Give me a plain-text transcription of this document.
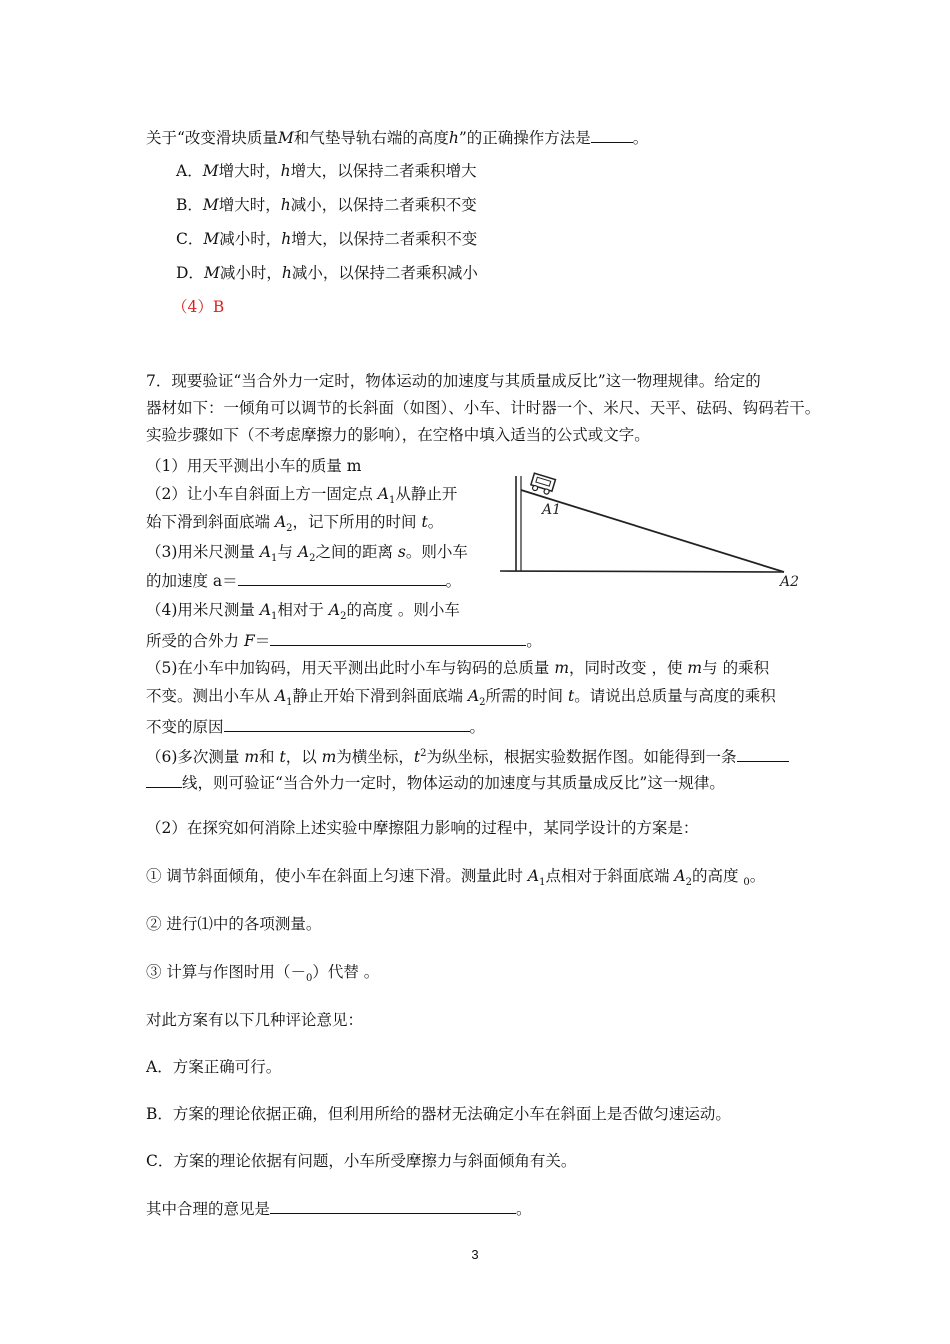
关于“改变滑块质量M和气垫导轨右端的高度h”的正确操作方法是	。
A．M增大时，h增大，以保持二者乘积增大
B．M增大时，h减小，以保持二者乘积不变
C．M减小时，h增大，以保持二者乘积不变
D．M减小时，h减小，以保持二者乘积减小
（4）B
7．现要验证“当合外力一定时，物体运动的加速度与其质量成反比”这一物理规律。给定的
器材如下：一倾角可以调节的长斜面（如图）、小车、计时器一个、米尺、天平、砝码、钩码若干。
实验步骤如下（不考虑摩擦力的影响），在空格中填入适当的公式或文字。
（1）用天平测出小车的质量 m
（2）让小车自斜面上方一固定点 $A_1$从静止开
始下滑到斜面底端 $A_2$，记下所用的时间 t。
（3)用米尺测量 $A_1$与 $A_2$之间的距离 s。则小车
的加速度 a＝	。
（4)用米尺测量 $A_1$相对于 $A_2$的高度 。则小车
所受的合外力 F＝	。
（5)在小车中加钩码，用天平测出此时小车与钩码的总质量 m，同时改变 ，使 m与 的乘积
不变。测出小车从 $A_1$静止开始下滑到斜面底端 $A_2$所需的时间 t。请说出总质量与高度的乘积
不变的原因	。
（6)多次测量 m和 t，以 m为横坐标，$t^2$为纵坐标，根据实验数据作图。如能得到一条
线，则可验证“当合外力一定时，物体运动的加速度与其质量成反比”这一规律。
（2）在探究如何消除上述实验中摩擦阻力影响的过程中，某同学设计的方案是：
① 调节斜面倾角，使小车在斜面上匀速下滑。测量此时 $A_1$点相对于斜面底端 $A_2$的高度 $_0$。
② 进行⑴中的各项测量。
③ 计算与作图时用$(-_0)$代替 。
对此方案有以下几种评论意见：
A．方案正确可行。
B．方案的理论依据正确，但利用所给的器材无法确定小车在斜面上是否做匀速运动。
C．方案的理论依据有问题，小车所受摩擦力与斜面倾角有关。
其中合理的意见是	。
A1
A2
3
